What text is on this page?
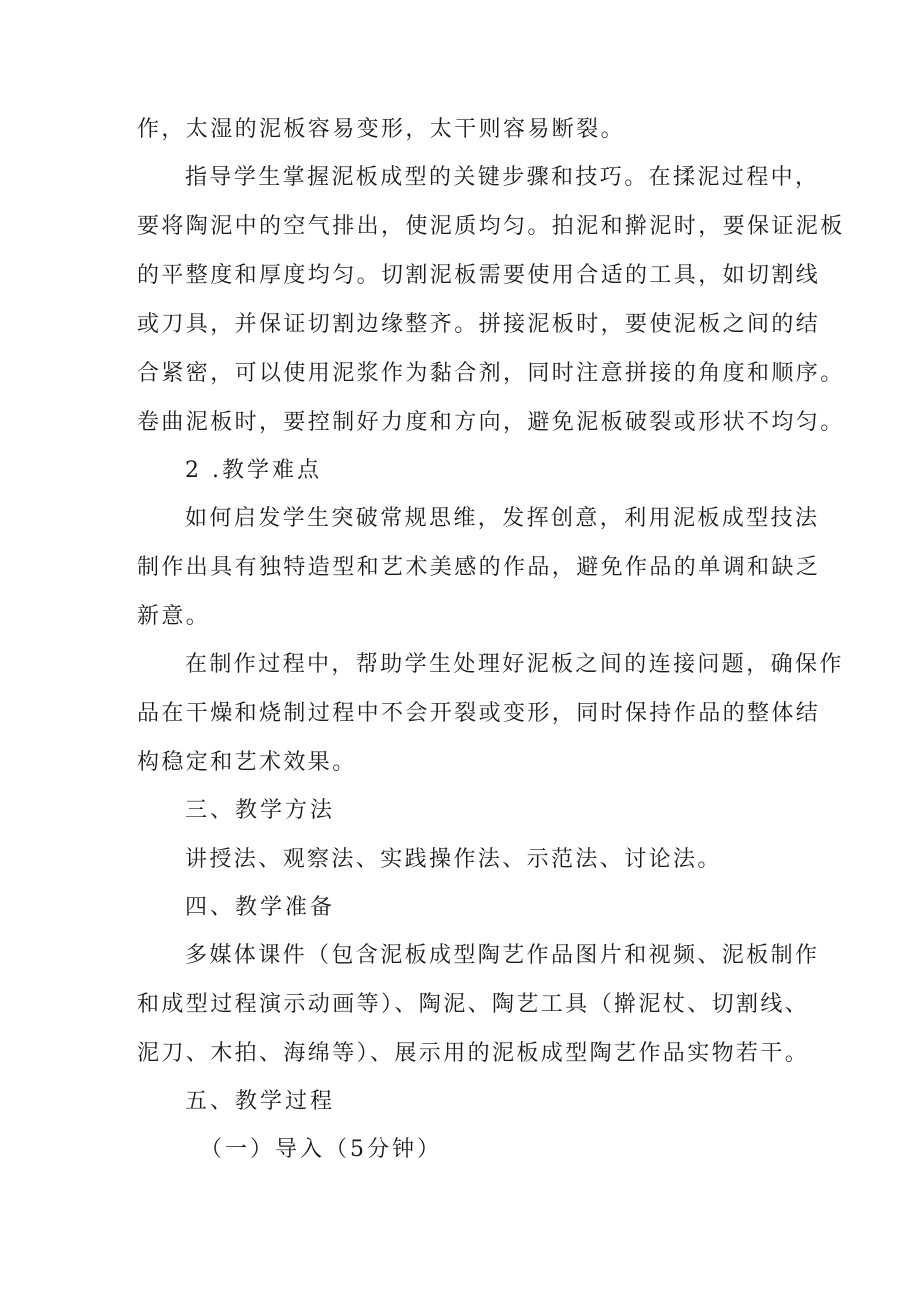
作，太湿的泥板容易变形，太干则容易断裂。
指导学生掌握泥板成型的关键步骤和技巧。在揉泥过程中，
要将陶泥中的空气排出，使泥质均匀。拍泥和擀泥时，要保证泥板
的平整度和厚度均匀。切割泥板需要使用合适的工具，如切割线
或刀具，并保证切割边缘整齐。拼接泥板时，要使泥板之间的结
合紧密，可以使用泥浆作为黏合剂，同时注意拼接的角度和顺序。
卷曲泥板时，要控制好力度和方向，避免泥板破裂或形状不均匀。
2 .教学难点
如何启发学生突破常规思维，发挥创意，利用泥板成型技法
制作出具有独特造型和艺术美感的作品，避免作品的单调和缺乏
新意。
在制作过程中，帮助学生处理好泥板之间的连接问题，确保作
品在干燥和烧制过程中不会开裂或变形，同时保持作品的整体结
构稳定和艺术效果。
三、教学方法
讲授法、观察法、实践操作法、示范法、讨论法。
四、教学准备
多媒体课件（包含泥板成型陶艺作品图片和视频、泥板制作
和成型过程演示动画等）、陶泥、陶艺工具（擀泥杖、切割线、
泥刀、木拍、海绵等）、展示用的泥板成型陶艺作品实物若干。
五、教学过程
（一）导入（5分钟）
